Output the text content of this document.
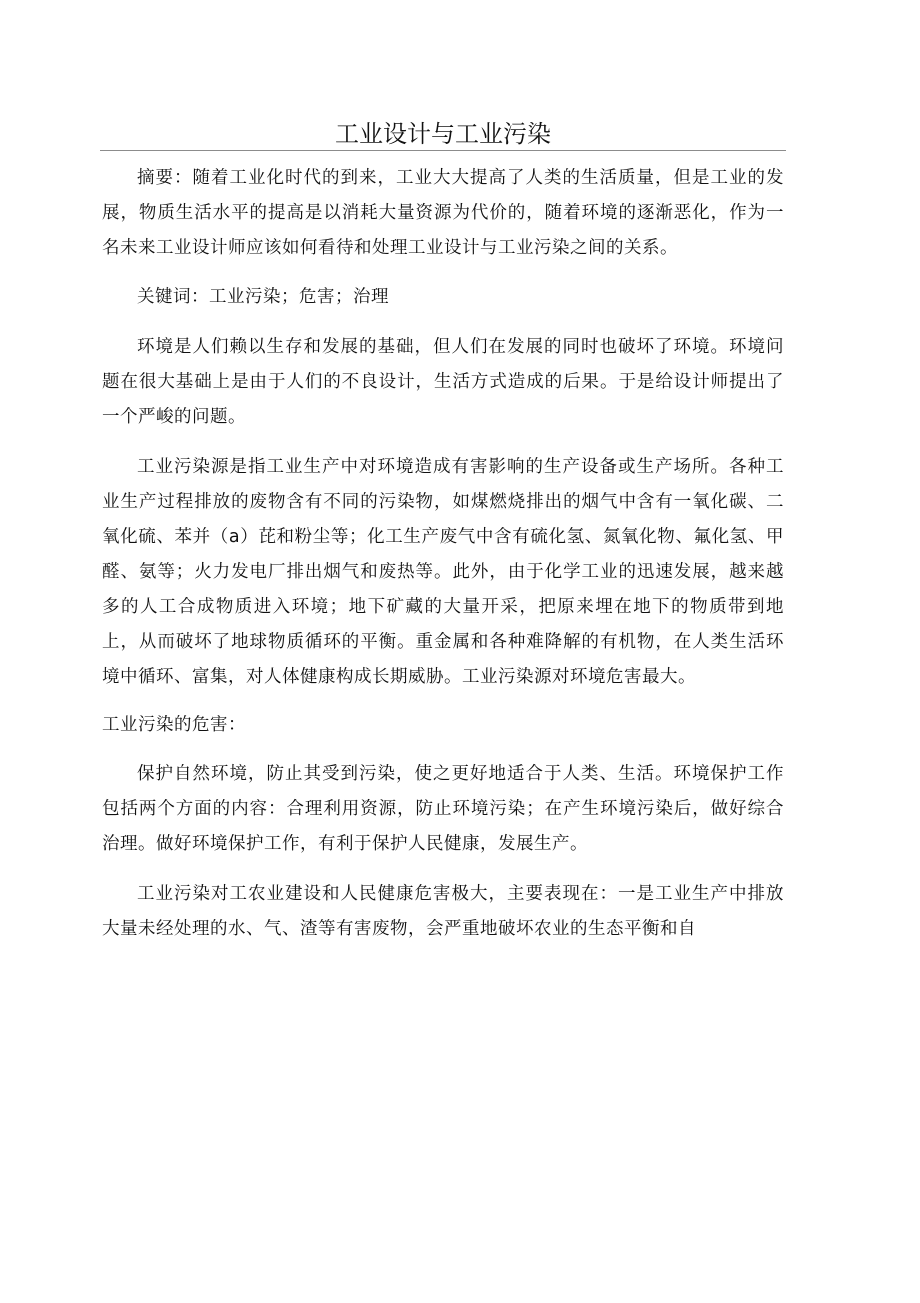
工业设计与工业污染

摘要：随着工业化时代的到来，工业大大提高了人类的生活质量，但是工业的发展，物质生活水平的提高是以消耗大量资源为代价的，随着环境的逐渐恶化，作为一名未来工业设计师应该如何看待和处理工业设计与工业污染之间的关系。

关键词：工业污染；危害；治理

环境是人们赖以生存和发展的基础，但人们在发展的同时也破坏了环境。环境问题在很大基础上是由于人们的不良设计，生活方式造成的后果。于是给设计师提出了一个严峻的问题。

工业污染源是指工业生产中对环境造成有害影响的生产设备或生产场所。各种工业生产过程排放的废物含有不同的污染物，如煤燃烧排出的烟气中含有一氧化碳、二氧化硫、苯并（a）芘和粉尘等；化工生产废气中含有硫化氢、氮氧化物、氟化氢、甲醛、氨等；火力发电厂排出烟气和废热等。此外，由于化学工业的迅速发展，越来越多的人工合成物质进入环境；地下矿藏的大量开采，把原来埋在地下的物质带到地上，从而破坏了地球物质循环的平衡。重金属和各种难降解的有机物，在人类生活环境中循环、富集，对人体健康构成长期威胁。工业污染源对环境危害最大。

工业污染的危害：

保护自然环境，防止其受到污染，使之更好地适合于人类、生活。环境保护工作包括两个方面的内容：合理利用资源，防止环境污染；在产生环境污染后，做好综合治理。做好环境保护工作，有利于保护人民健康，发展生产。

工业污染对工农业建设和人民健康危害极大，主要表现在：一是工业生产中排放大量未经处理的水、气、渣等有害废物，会严重地破坏农业的生态平衡和自
